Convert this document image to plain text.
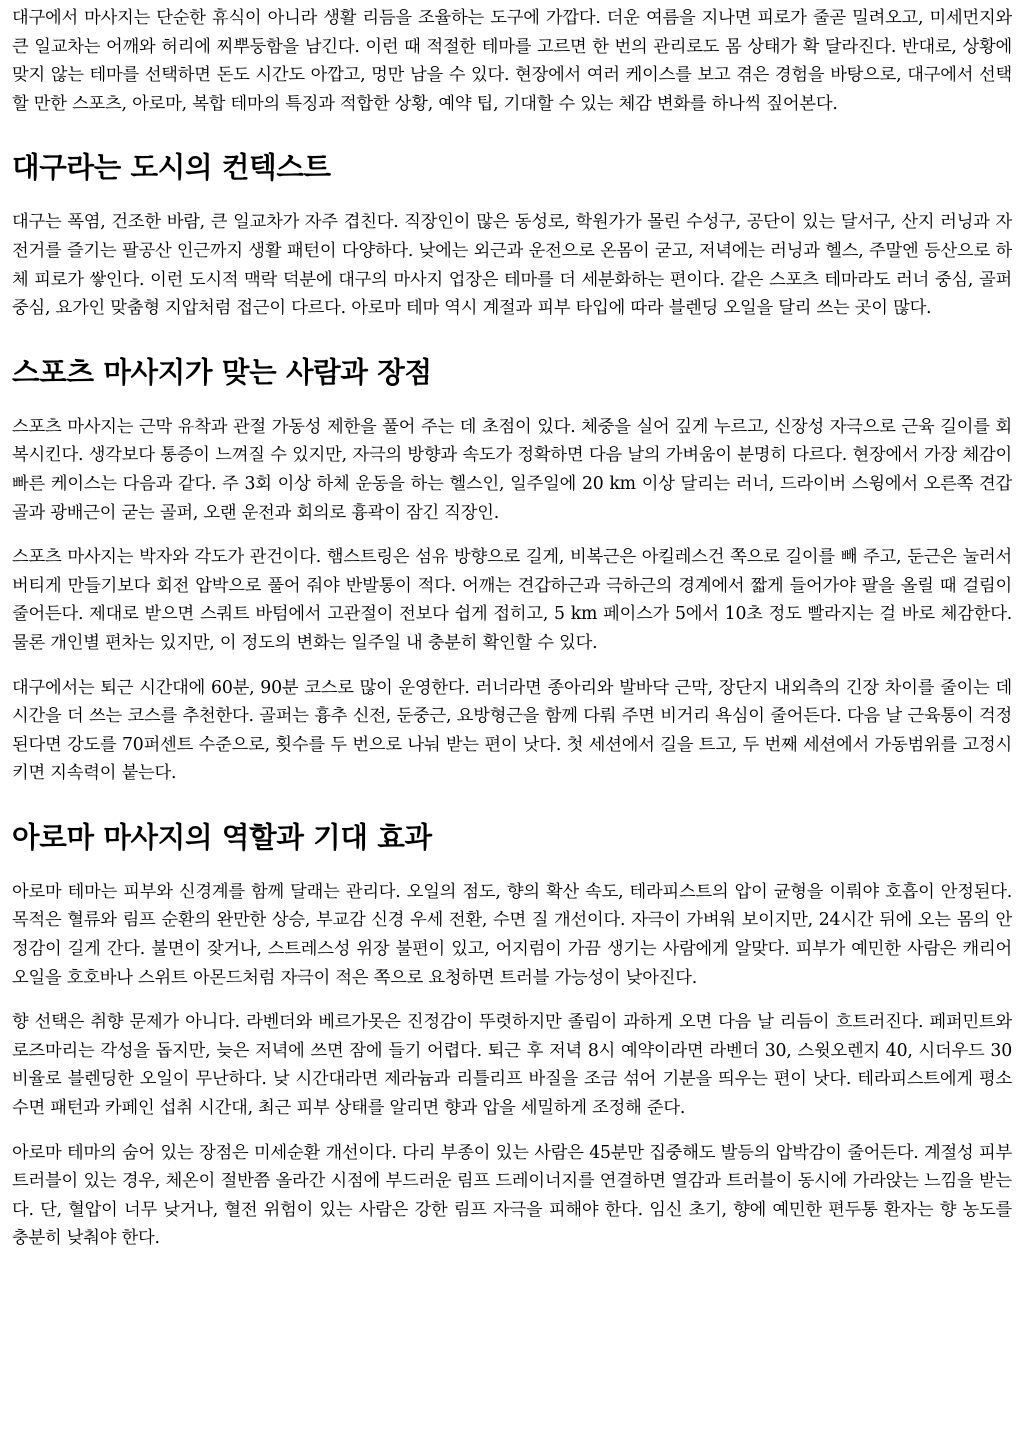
대구에서 마사지는 단순한 휴식이 아니라 생활 리듬을 조율하는 도구에 가깝다. 더운 여름을 지나면 피로가 줄곧 밀려오고, 미세먼지와 큰 일교차는 어깨와 허리에 찌뿌둥함을 남긴다. 이런 때 적절한 테마를 고르면 한 번의 관리로도 몸 상태가 확 달라진다. 반대로, 상황에 맞지 않는 테마를 선택하면 돈도 시간도 아깝고, 멍만 남을 수 있다. 현장에서 여러 케이스를 보고 겪은 경험을 바탕으로, 대구에서 선택할 만한 스포츠, 아로마, 복합 테마의 특징과 적합한 상황, 예약 팁, 기대할 수 있는 체감 변화를 하나씩 짚어본다.

대구라는 도시의 컨텍스트

대구는 폭염, 건조한 바람, 큰 일교차가 자주 겹친다. 직장인이 많은 동성로, 학원가가 몰린 수성구, 공단이 있는 달서구, 산지 러닝과 자전거를 즐기는 팔공산 인근까지 생활 패턴이 다양하다. 낮에는 외근과 운전으로 온몸이 굳고, 저녁에는 러닝과 헬스, 주말엔 등산으로 하체 피로가 쌓인다. 이런 도시적 맥락 덕분에 대구의 마사지 업장은 테마를 더 세분화하는 편이다. 같은 스포츠 테마라도 러너 중심, 골퍼 중심, 요가인 맞춤형 지압처럼 접근이 다르다. 아로마 테마 역시 계절과 피부 타입에 따라 블렌딩 오일을 달리 쓰는 곳이 많다.

스포츠 마사지가 맞는 사람과 장점

스포츠 마사지는 근막 유착과 관절 가동성 제한을 풀어 주는 데 초점이 있다. 체중을 실어 깊게 누르고, 신장성 자극으로 근육 길이를 회복시킨다. 생각보다 통증이 느껴질 수 있지만, 자극의 방향과 속도가 정확하면 다음 날의 가벼움이 분명히 다르다. 현장에서 가장 체감이 빠른 케이스는 다음과 같다. 주 3회 이상 하체 운동을 하는 헬스인, 일주일에 20 km 이상 달리는 러너, 드라이버 스윙에서 오른쪽 견갑골과 광배근이 굳는 골퍼, 오랜 운전과 회의로 흉곽이 잠긴 직장인.

스포츠 마사지는 박자와 각도가 관건이다. 햄스트링은 섬유 방향으로 길게, 비복근은 아킬레스건 쪽으로 길이를 빼 주고, 둔근은 눌러서 버티게 만들기보다 회전 압박으로 풀어 줘야 반발통이 적다. 어깨는 견갑하근과 극하근의 경계에서 짧게 들어가야 팔을 올릴 때 걸림이 줄어든다. 제대로 받으면 스쿼트 바텀에서 고관절이 전보다 쉽게 접히고, 5 km 페이스가 5에서 10초 정도 빨라지는 걸 바로 체감한다. 물론 개인별 편차는 있지만, 이 정도의 변화는 일주일 내 충분히 확인할 수 있다.

대구에서는 퇴근 시간대에 60분, 90분 코스로 많이 운영한다. 러너라면 종아리와 발바닥 근막, 장단지 내외측의 긴장 차이를 줄이는 데 시간을 더 쓰는 코스를 추천한다. 골퍼는 흉추 신전, 둔중근, 요방형근을 함께 다뤄 주면 비거리 욕심이 줄어든다. 다음 날 근육통이 걱정된다면 강도를 70퍼센트 수준으로, 횟수를 두 번으로 나눠 받는 편이 낫다. 첫 세션에서 길을 트고, 두 번째 세션에서 가동범위를 고정시키면 지속력이 붙는다.

아로마 마사지의 역할과 기대 효과

아로마 테마는 피부와 신경계를 함께 달래는 관리다. 오일의 점도, 향의 확산 속도, 테라피스트의 압이 균형을 이뤄야 호흡이 안정된다. 목적은 혈류와 림프 순환의 완만한 상승, 부교감 신경 우세 전환, 수면 질 개선이다. 자극이 가벼워 보이지만, 24시간 뒤에 오는 몸의 안정감이 길게 간다. 불면이 잦거나, 스트레스성 위장 불편이 있고, 어지럼이 가끔 생기는 사람에게 알맞다. 피부가 예민한 사람은 캐리어 오일을 호호바나 스위트 아몬드처럼 자극이 적은 쪽으로 요청하면 트러블 가능성이 낮아진다.

향 선택은 취향 문제가 아니다. 라벤더와 베르가못은 진정감이 뚜렷하지만 졸림이 과하게 오면 다음 날 리듬이 흐트러진다. 페퍼민트와 로즈마리는 각성을 돕지만, 늦은 저녁에 쓰면 잠에 들기 어렵다. 퇴근 후 저녁 8시 예약이라면 라벤더 30, 스윗오렌지 40, 시더우드 30 비율로 블렌딩한 오일이 무난하다. 낮 시간대라면 제라늄과 리틀리프 바질을 조금 섞어 기분을 띄우는 편이 낫다. 테라피스트에게 평소 수면 패턴과 카페인 섭취 시간대, 최근 피부 상태를 알리면 향과 압을 세밀하게 조정해 준다.

아로마 테마의 숨어 있는 장점은 미세순환 개선이다. 다리 부종이 있는 사람은 45분만 집중해도 발등의 압박감이 줄어든다. 계절성 피부 트러블이 있는 경우, 체온이 절반쯤 올라간 시점에 부드러운 림프 드레이너지를 연결하면 열감과 트러블이 동시에 가라앉는 느낌을 받는다. 단, 혈압이 너무 낮거나, 혈전 위험이 있는 사람은 강한 림프 자극을 피해야 한다. 임신 초기, 향에 예민한 편두통 환자는 향 농도를 충분히 낮춰야 한다.
